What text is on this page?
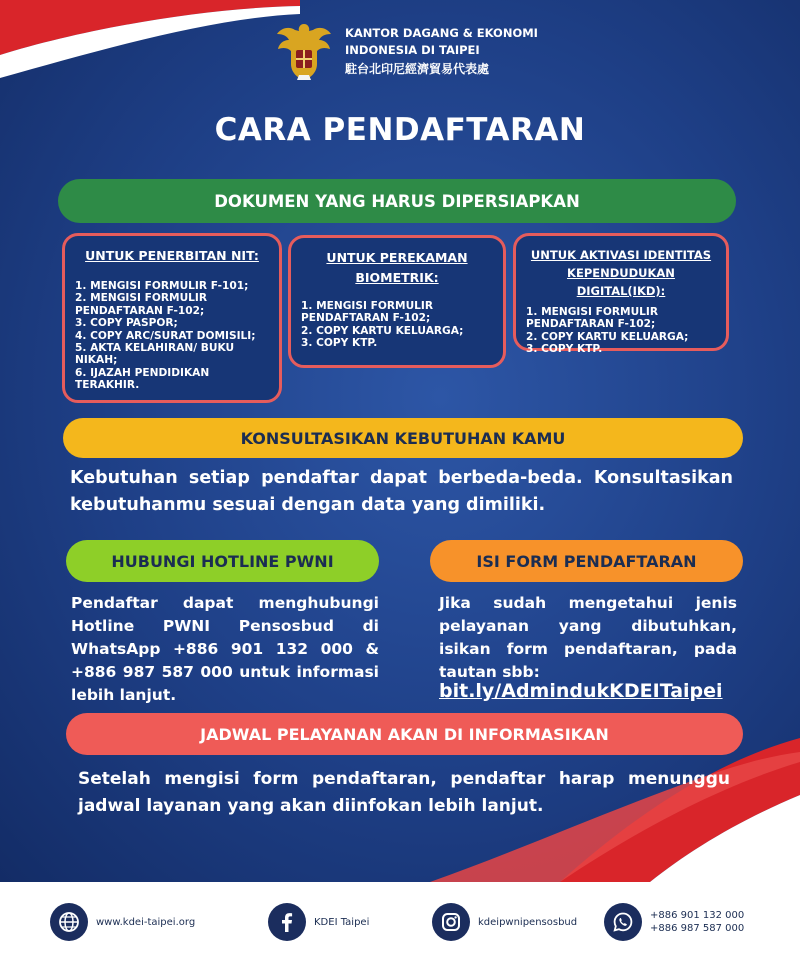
KANTOR DAGANG & EKONOMI
INDONESIA DI TAIPEI
駐台北印尼經濟貿易代表處
CARA PENDAFTARAN
DOKUMEN YANG HARUS DIPERSIAPKAN
UNTUK PENERBITAN NIT:
1. MENGISI FORMULIR F-101;
2. MENGISI FORMULIR PENDAFTARAN F-102;
3. COPY PASPOR;
4. COPY ARC/SURAT DOMISILI;
5. AKTA KELAHIRAN/ BUKU NIKAH;
6. IJAZAH PENDIDIKAN TERAKHIR.
UNTUK PEREKAMAN BIOMETRIK:
1. MENGISI FORMULIR PENDAFTARAN F-102;
2. COPY KARTU KELUARGA;
3. COPY KTP.
UNTUK AKTIVASI IDENTITAS KEPENDUDUKAN DIGITAL(IKD):
1. MENGISI FORMULIR PENDAFTARAN F-102;
2. COPY KARTU KELUARGA;
3. COPY KTP.
KONSULTASIKAN KEBUTUHAN KAMU
Kebutuhan setiap pendaftar dapat berbeda-beda. Konsultasikan kebutuhanmu sesuai dengan data yang dimiliki.
HUBUNGI HOTLINE PWNI	ISI FORM PENDAFTARAN
Pendaftar dapat menghubungi Hotline PWNI Pensosbud di WhatsApp +886 901 132 000 & +886 987 587 000 untuk informasi lebih lanjut.
Jika sudah mengetahui jenis pelayanan yang dibutuhkan, isikan form pendaftaran, pada tautan sbb:
bit.ly/AdmindukKDEITaipei
JADWAL PELAYANAN AKAN DI INFORMASIKAN
Setelah mengisi form pendaftaran, pendaftar harap menunggu jadwal layanan yang akan diinfokan lebih lanjut.
www.kdei-taipei.org	KDEI Taipei	kdeipwnipensosbud
+886 901 132 000
+886 987 587 000
